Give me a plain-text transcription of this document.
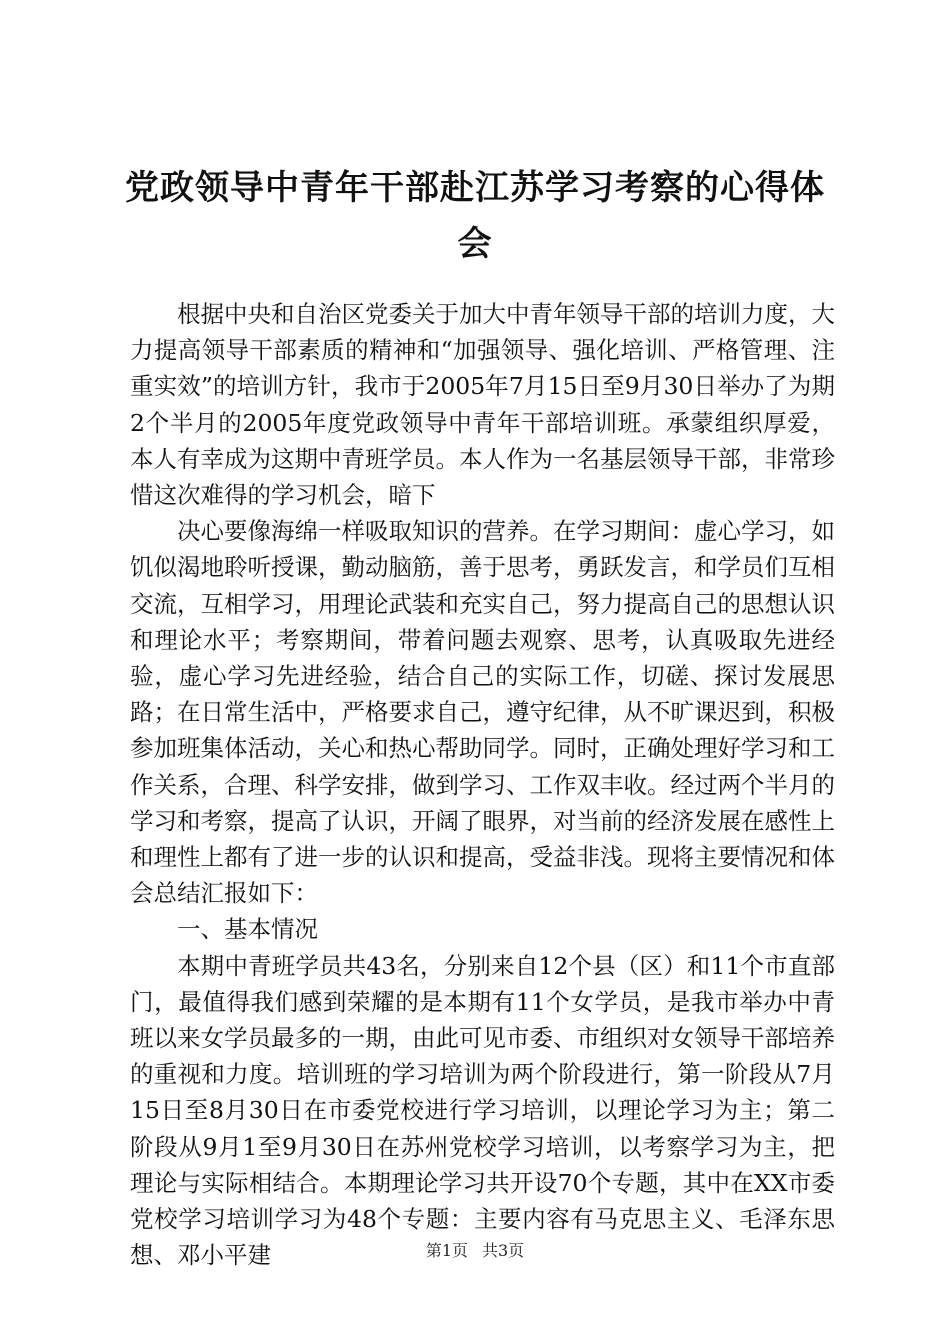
党政领导中青年干部赴江苏学习考察的心得体会

根据中央和自治区党委关于加大中青年领导干部的培训力度，大力提高领导干部素质的精神和“加强领导、强化培训、严格管理、注重实效”的培训方针，我市于2005年7月15日至9月30日举办了为期2个半月的2005年度党政领导中青年干部培训班。承蒙组织厚爱，本人有幸成为这期中青班学员。本人作为一名基层领导干部，非常珍惜这次难得的学习机会，暗下

决心要像海绵一样吸取知识的营养。在学习期间：虚心学习，如饥似渴地聆听授课，勤动脑筋，善于思考，勇跃发言，和学员们互相交流，互相学习，用理论武装和充实自己，努力提高自己的思想认识和理论水平；考察期间，带着问题去观察、思考，认真吸取先进经验，虚心学习先进经验，结合自己的实际工作，切磋、探讨发展思路；在日常生活中，严格要求自己，遵守纪律，从不旷课迟到，积极参加班集体活动，关心和热心帮助同学。同时，正确处理好学习和工作关系，合理、科学安排，做到学习、工作双丰收。经过两个半月的学习和考察，提高了认识，开阔了眼界，对当前的经济发展在感性上和理性上都有了进一步的认识和提高，受益非浅。现将主要情况和体会总结汇报如下：

一、基本情况

本期中青班学员共43名，分别来自12个县（区）和11个市直部门，最值得我们感到荣耀的是本期有11个女学员，是我市举办中青班以来女学员最多的一期，由此可见市委、市组织对女领导干部培养的重视和力度。培训班的学习培训为两个阶段进行，第一阶段从7月15日至8月30日在市委党校进行学习培训，以理论学习为主；第二阶段从9月1至9月30日在苏州党校学习培训，以考察学习为主，把理论与实际相结合。本期理论学习共开设70个专题，其中在XX市委党校学习培训学习为48个专题：主要内容有马克思主义、毛泽东思想、邓小平建	第1页 共3页
